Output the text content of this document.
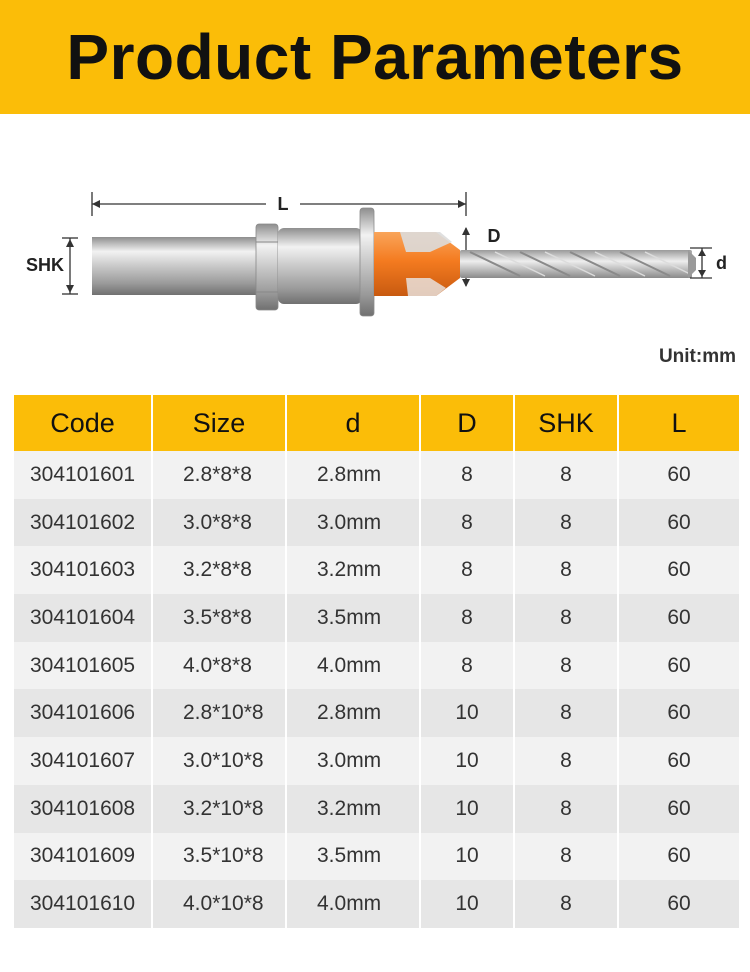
Product Parameters
L
SHK
D
d
Unit:mm
Code	Size	d	D	SHK	L
304101601	2.8*8*8	2.8mm	8	8	60
304101602	3.0*8*8	3.0mm	8	8	60
304101603	3.2*8*8	3.2mm	8	8	60
304101604	3.5*8*8	3.5mm	8	8	60
304101605	4.0*8*8	4.0mm	8	8	60
304101606	2.8*10*8	2.8mm	10	8	60
304101607	3.0*10*8	3.0mm	10	8	60
304101608	3.2*10*8	3.2mm	10	8	60
304101609	3.5*10*8	3.5mm	10	8	60
304101610	4.0*10*8	4.0mm	10	8	60
